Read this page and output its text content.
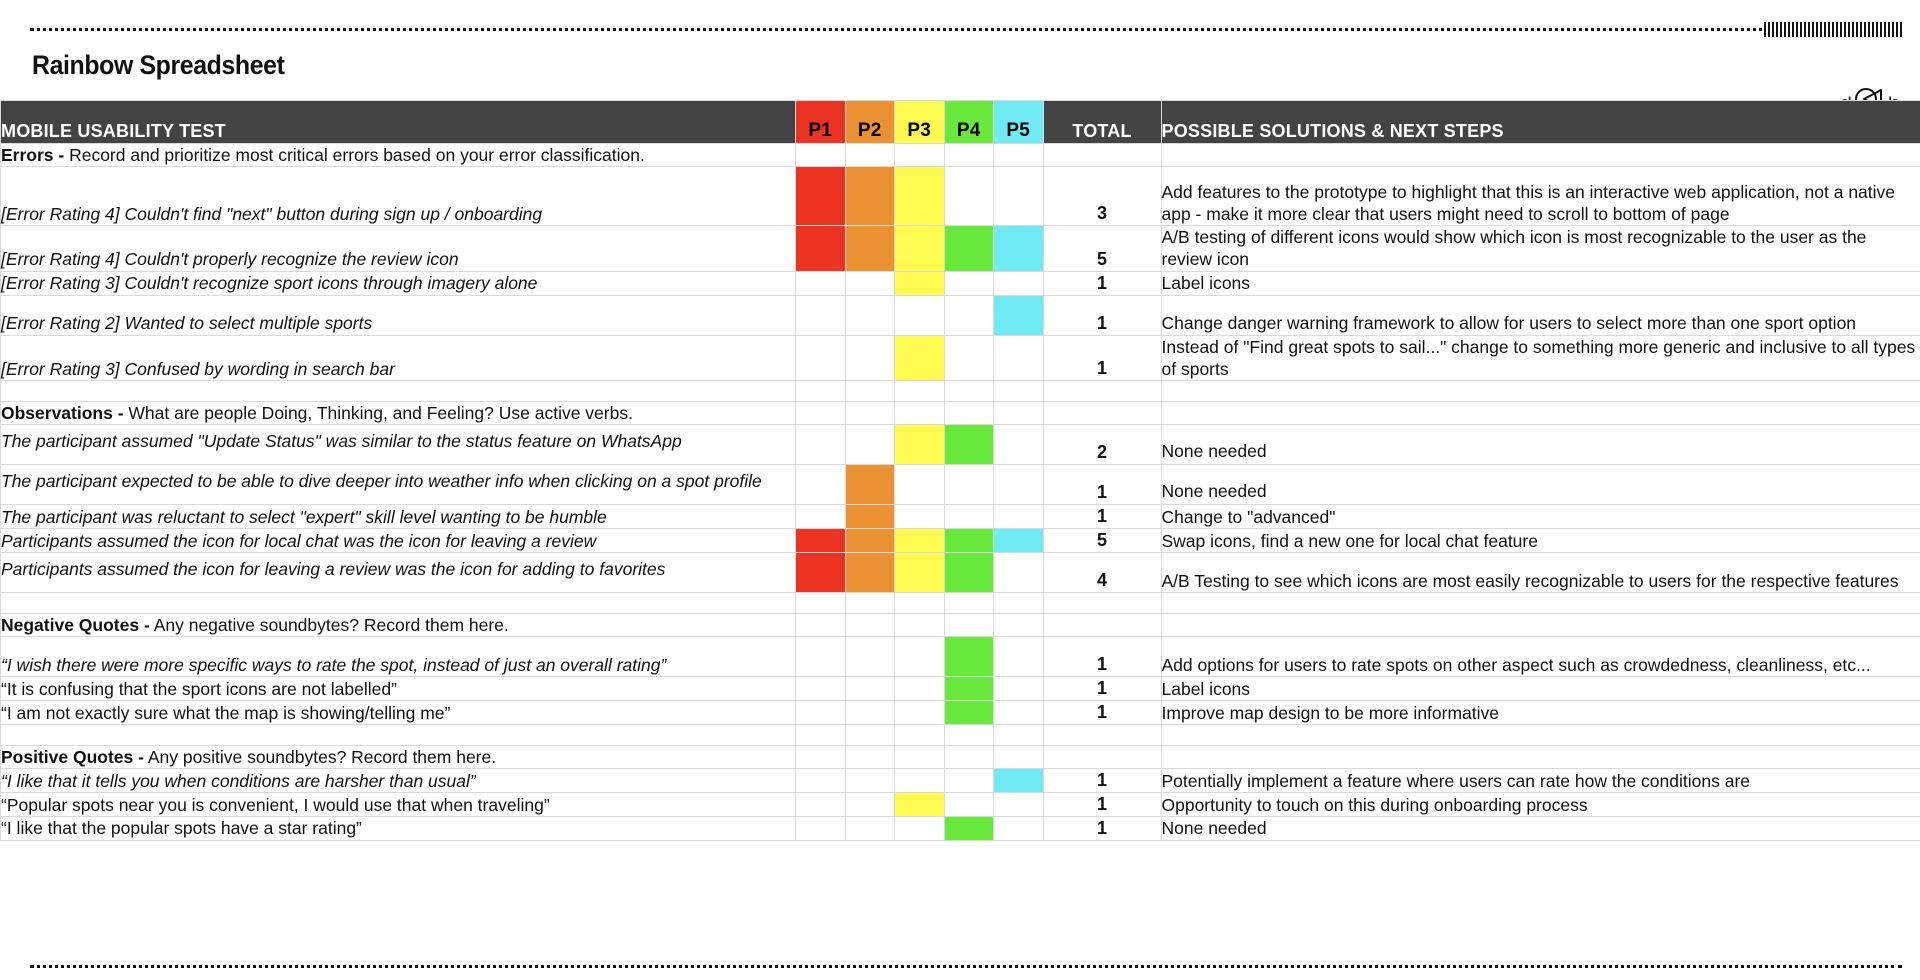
Rainbow Spreadsheet
MOBILE USABILITY TEST	P1	P2	P3	P4	P5	TOTAL	POSSIBLE SOLUTIONS & NEXT STEPS
Errors - Record and prioritize most critical errors based on your error classification.							
[Error Rating 4] Couldn't find "next" button during sign up / onboarding						3	Add features to the prototype to highlight that this is an interactive web application, not a native app - make it more clear that users might need to scroll to bottom of page
[Error Rating 4] Couldn't properly recognize the review icon						5	A/B testing of different icons would show which icon is most recognizable to the user as the review icon
[Error Rating 3] Couldn't recognize sport icons through imagery alone						1	Label icons
[Error Rating 2] Wanted to select multiple sports						1	Change danger warning framework to allow for users to select more than one sport option
[Error Rating 3] Confused by wording in search bar						1	Instead of "Find great spots to sail..." change to something more generic and inclusive to all types of sports

Observations - What are people Doing, Thinking, and Feeling? Use active verbs.							
The participant assumed "Update Status" was similar to the status feature on WhatsApp						2	None needed
The participant expected to be able to dive deeper into weather info when clicking on a spot profile						1	None needed
The participant was reluctant to select "expert" skill level wanting to be humble						1	Change to "advanced"
Participants assumed the icon for local chat was the icon for leaving a review						5	Swap icons, find a new one for local chat feature
Participants assumed the icon for leaving a review was the icon for adding to favorites						4	A/B Testing to see which icons are most easily recognizable to users for the respective features

Negative Quotes - Any negative soundbytes? Record them here.							
“I wish there were more specific ways to rate the spot, instead of just an overall rating”						1	Add options for users to rate spots on other aspect such as crowdedness, cleanliness, etc...
“It is confusing that the sport icons are not labelled”						1	Label icons
“I am not exactly sure what the map is showing/telling me”						1	Improve map design to be more informative

Positive Quotes - Any positive soundbytes? Record them here.							
“I like that it tells you when conditions are harsher than usual”						1	Potentially implement a feature where users can rate how the conditions are
“Popular spots near you is convenient, I would use that when traveling”						1	Opportunity to touch on this during onboarding process
“I like that the popular spots have a star rating”						1	None needed
